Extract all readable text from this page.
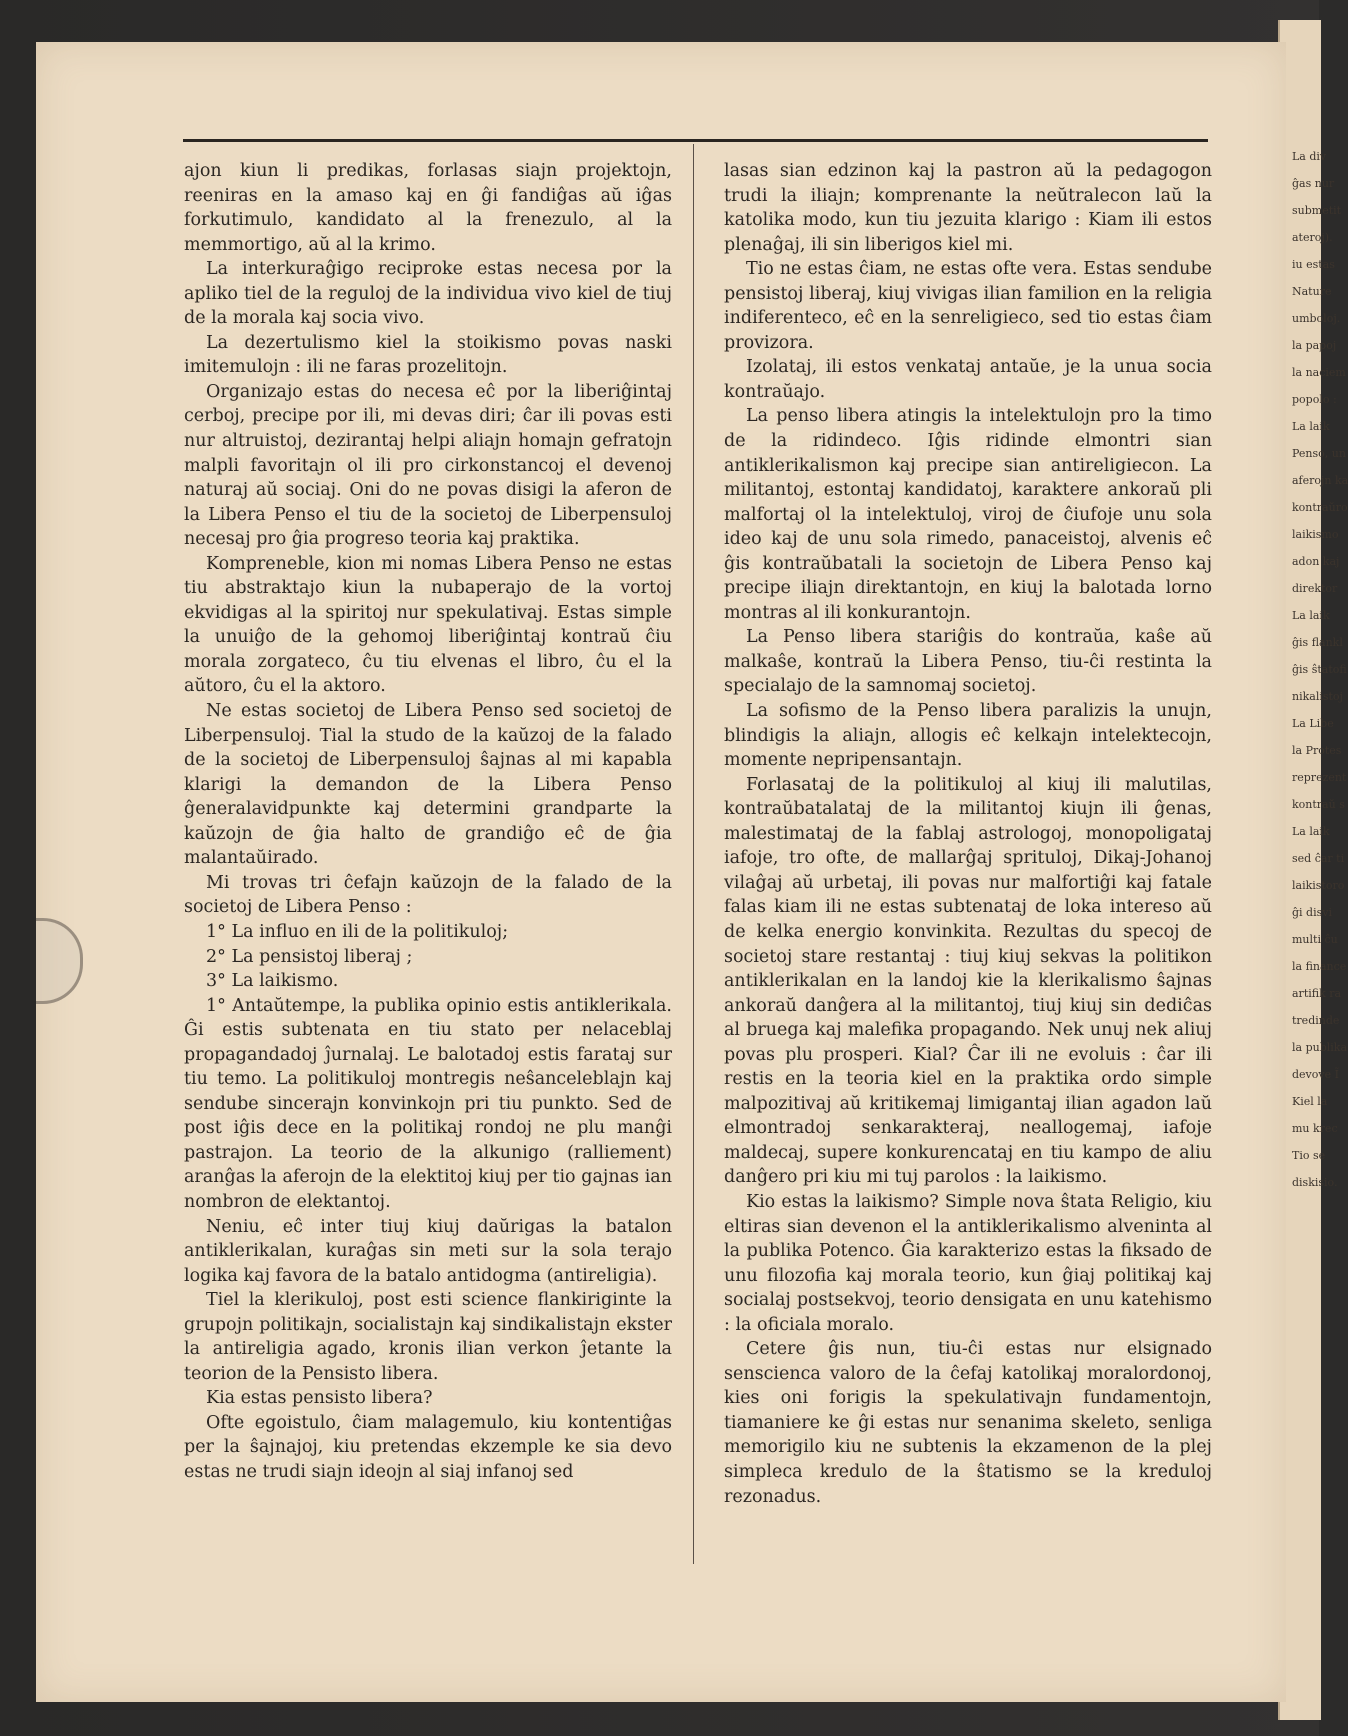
La div
ĝas nur
submetit
ateroj).
iu estas
Nature
umboloj.
la papoj
la naciem
popolo :
La laik
Penso, un
aferojn ka
kontraŭro
laikismo
adon kaj
direktor
La laik
ĝis flankl
ĝis ŝtatofi
nikalistoj
La Libe
la Protes
reprezent
kontraŭ s
La laik
sed ĉar ti
laikistoro
ĝi disvi
multi ĉu
la finance
artifik ra
tredinde
la publika
devove Ĩ
Kiel la
mu krec
Tio se
diskisio.

ajon kiun li predikas, forlasas siajn projektojn, reeniras en la amaso kaj en ĝi fandiĝas aŭ iĝas forkutimulo, kandidato al la frenezulo, al la memmortigo, aŭ al la krimo.

La interkuraĝigo reciproke estas necesa por la apliko tiel de la reguloj de la individua vivo kiel de tiuj de la morala kaj socia vivo.

La dezertulismo kiel la stoikismo povas naski imitemulojn : ili ne faras prozelitojn.

Organizajo estas do necesa eĉ por la liberiĝintaj cerboj, precipe por ili, mi devas diri; ĉar ili povas esti nur altruistoj, dezirantaj helpi aliajn homajn gefratojn malpli favoritajn ol ili pro cirkonstancoj el devenoj naturaj aŭ sociaj. Oni do ne povas disigi la aferon de la Libera Penso el tiu de la societoj de Liberpensuloj necesaj pro ĝia progreso teoria kaj praktika.

Kompreneble, kion mi nomas Libera Penso ne estas tiu abstraktajo kiun la nubaperajo de la vortoj ekvidigas al la spiritoj nur spekulativaj. Estas simple la unuiĝo de la gehomoj liberiĝintaj kontraŭ ĉiu morala zorgateco, ĉu tiu elvenas el libro, ĉu el la aŭtoro, ĉu el la aktoro.

Ne estas societoj de Libera Penso sed societoj de Liberpensuloj. Tial la studo de la kaŭzoj de la falado de la societoj de Liberpensuloj ŝajnas al mi kapabla klarigi la demandon de la Libera Penso ĝeneralavidpunkte kaj determini grandparte la kaŭzojn de ĝia halto de grandiĝo eĉ de ĝia malantaŭirado.

Mi trovas tri ĉefajn kaŭzojn de la falado de la societoj de Libera Penso :

1° La influo en ili de la politikuloj;

2° La pensistoj liberaj ;

3° La laikismo.

1° Antaŭtempe, la publika opinio estis antiklerikala. Ĝi estis subtenata en tiu stato per nelaceblaj propagandadoj ĵurnalaj. Le balotadoj estis farataj sur tiu temo. La politikuloj montregis neŝanceleblajn kaj sendube sincerajn konvinkojn pri tiu punkto. Sed de post iĝis dece en la politikaj rondoj ne plu manĝi pastrajon. La teorio de la alkunigo (ralliement) aranĝas la aferojn de la elektitoj kiuj per tio gajnas ian nombron de elektantoj.

Neniu, eĉ inter tiuj kiuj daŭrigas la batalon antiklerikalan, kuraĝas sin meti sur la sola terajo logika kaj favora de la batalo antidogma (antireligia).

Tiel la klerikuloj, post esti science flankiriginte la grupojn politikajn, socialistajn kaj sindikalistajn ekster la antireligia agado, kronis ilian verkon ĵetante la teorion de la Pensisto libera.

Kia estas pensisto libera?

Ofte egoistulo, ĉiam malagemulo, kiu kontentiĝas per la ŝajnajoj, kiu pretendas ekzemple ke sia devo estas ne trudi siajn ideojn al siaj infanoj sed

lasas sian edzinon kaj la pastron aŭ la pedagogon trudi la iliajn; komprenante la neŭtralecon laŭ la katolika modo, kun tiu jezuita klarigo : Kiam ili estos plenaĝaj, ili sin liberigos kiel mi.

Tio ne estas ĉiam, ne estas ofte vera. Estas sendube pensistoj liberaj, kiuj vivigas ilian familion en la religia indiferenteco, eĉ en la senreligieco, sed tio estas ĉiam provizora.

Izolataj, ili estos venkataj antaŭe, je la unua socia kontraŭajo.

La penso libera atingis la intelektulojn pro la timo de la ridindeco. Iĝis ridinde elmontri sian antiklerikalismon kaj precipe sian antireligiecon. La militantoj, estontaj kandidatoj, karaktere ankoraŭ pli malfortaj ol la intelektuloj, viroj de ĉiufoje unu sola ideo kaj de unu sola rimedo, panaceistoj, alvenis eĉ ĝis kontraŭbatali la societojn de Libera Penso kaj precipe iliajn direktantojn, en kiuj la balotada lorno montras al ili konkurantojn.

La Penso libera stariĝis do kontraŭa, kaŝe aŭ malkaŝe, kontraŭ la Libera Penso, tiu-ĉi restinta la specialajo de la samnomaj societoj.

La sofismo de la Penso libera paralizis la unujn, blindigis la aliajn, allogis eĉ kelkajn intelektecojn, momente nepripensantajn.

Forlasataj de la politikuloj al kiuj ili malutilas, kontraŭbatalataj de la militantoj kiujn ili ĝenas, malestimataj de la fablaj astrologoj, monopoligataj iafoje, tro ofte, de mallarĝaj sprituloj, Dikaj-Johanoj vilaĝaj aŭ urbetaj, ili povas nur malfortiĝi kaj fatale falas kiam ili ne estas subtenataj de loka intereso aŭ de kelka energio konvinkita. Rezultas du specoj de societoj stare restantaj : tiuj kiuj sekvas la politikon antiklerikalan en la landoj kie la klerikalismo ŝajnas ankoraŭ danĝera al la militantoj, tiuj kiuj sin dediĉas al bruega kaj malefika propagando. Nek unuj nek aliuj povas plu prosperi. Kial? Ĉar ili ne evoluis : ĉar ili restis en la teoria kiel en la praktika ordo simple malpozitivaj aŭ kritikemaj limigantaj ilian agadon laŭ elmontradoj senkarakteraj, neallogemaj, iafoje maldecaj, supere konkurencataj en tiu kampo de aliu danĝero pri kiu mi tuj parolos : la laikismo.

Kio estas la laikismo? Simple nova ŝtata Religio, kiu eltiras sian devenon el la antiklerikalismo alveninta al la publika Potenco. Ĝia karakterizo estas la fiksado de unu filozofia kaj morala teorio, kun ĝiaj politikaj kaj socialaj postsekvoj, teorio densigata en unu katehismo : la oficiala moralo.

Cetere ĝis nun, tiu-ĉi estas nur elsignado senscienca valoro de la ĉefaj katolikaj moralordonoj, kies oni forigis la spekulativajn fundamentojn, tiamaniere ke ĝi estas nur senanima skeleto, senliga memorigilo kiu ne subtenis la ekzamenon de la plej simpleca kredulo de la ŝtatismo se la kreduloj rezonadus.
